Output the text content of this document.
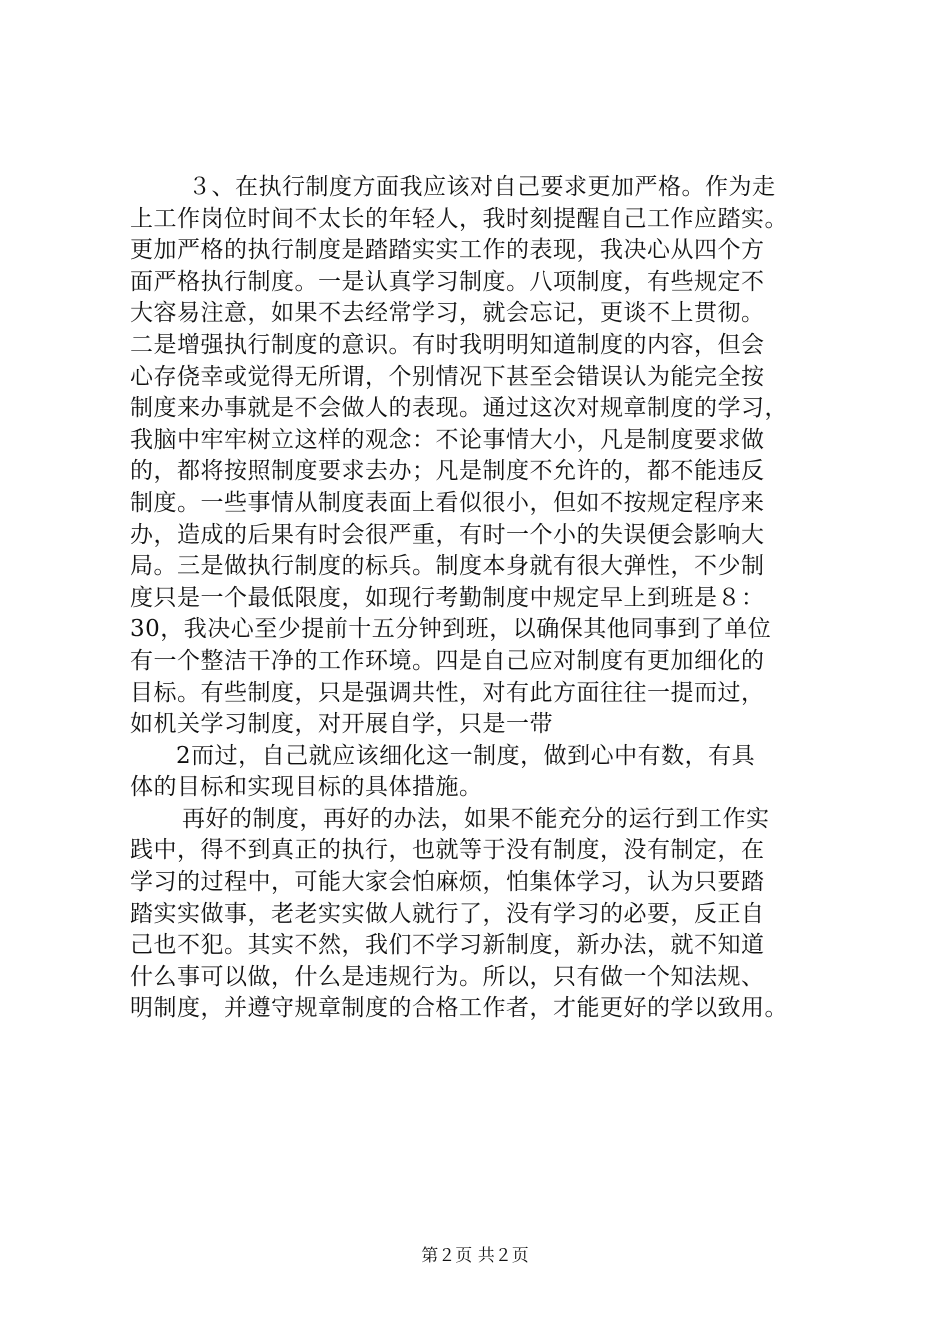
３、在执行制度方面我应该对自己要求更加严格。作为走
上工作岗位时间不太长的年轻人，我时刻提醒自己工作应踏实。
更加严格的执行制度是踏踏实实工作的表现，我决心从四个方
面严格执行制度。一是认真学习制度。八项制度，有些规定不
大容易注意，如果不去经常学习，就会忘记，更谈不上贯彻。
二是增强执行制度的意识。有时我明明知道制度的内容，但会
心存侥幸或觉得无所谓，个别情况下甚至会错误认为能完全按
制度来办事就是不会做人的表现。通过这次对规章制度的学习，
我脑中牢牢树立这样的观念：不论事情大小，凡是制度要求做
的，都将按照制度要求去办；凡是制度不允许的，都不能违反
制度。一些事情从制度表面上看似很小，但如不按规定程序来
办，造成的后果有时会很严重，有时一个小的失误便会影响大
局。三是做执行制度的标兵。制度本身就有很大弹性，不少制
度只是一个最低限度，如现行考勤制度中规定早上到班是８：
30，我决心至少提前十五分钟到班，以确保其他同事到了单位
有一个整洁干净的工作环境。四是自己应对制度有更加细化的
目标。有些制度，只是强调共性，对有此方面往往一提而过，
如机关学习制度，对开展自学，只是一带
2而过，自己就应该细化这一制度，做到心中有数，有具
体的目标和实现目标的具体措施。
再好的制度，再好的办法，如果不能充分的运行到工作实
践中，得不到真正的执行，也就等于没有制度，没有制定，在
学习的过程中，可能大家会怕麻烦，怕集体学习，认为只要踏
踏实实做事，老老实实做人就行了，没有学习的必要，反正自
己也不犯。其实不然，我们不学习新制度，新办法，就不知道
什么事可以做，什么是违规行为。所以，只有做一个知法规、
明制度，并遵守规章制度的合格工作者，才能更好的学以致用。
第２页 共２页
